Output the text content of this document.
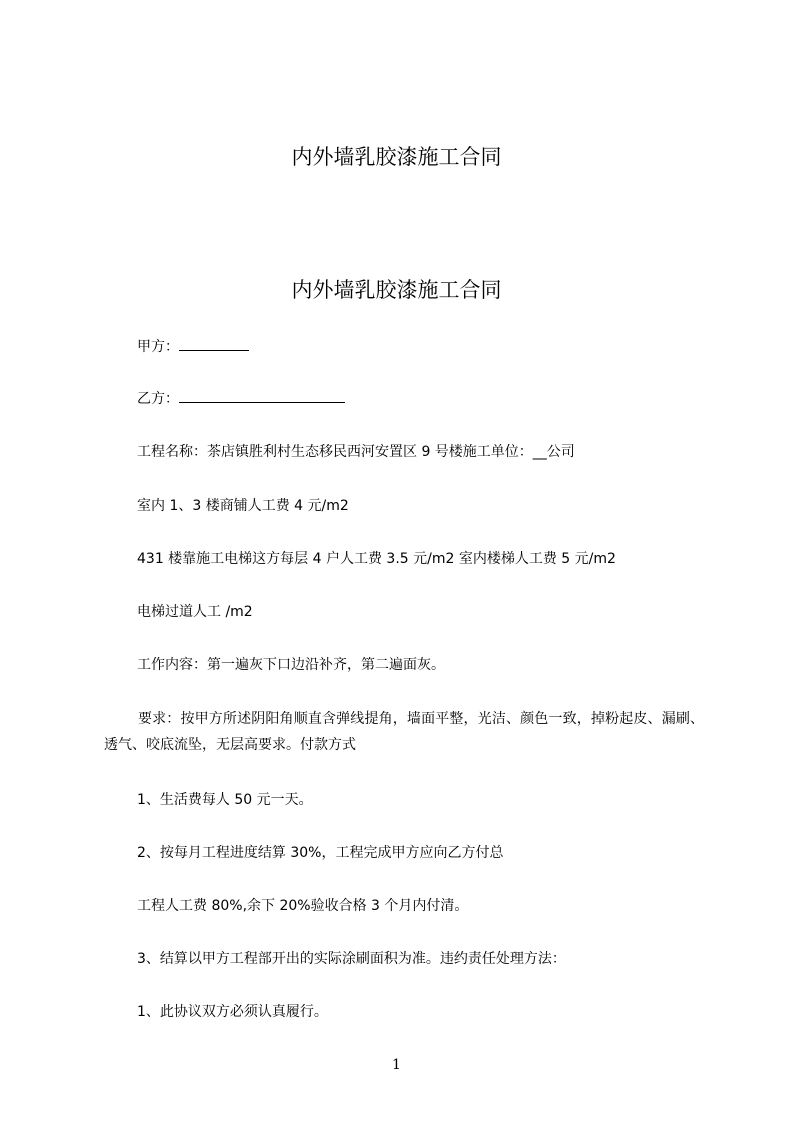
内外墙乳胶漆施工合同
内外墙乳胶漆施工合同
甲方：
乙方：
工程名称：茶店镇胜利村生态移民西河安置区 9 号楼施工单位：__公司
室内 1、3 楼商铺人工费 4 元/m2
431 楼靠施工电梯这方每层 4 户人工费 3.5 元/m2 室内楼梯人工费 5 元/m2
电梯过道人工 /m2
工作内容：第一遍灰下口边沿补齐，第二遍面灰。
要求：按甲方所述阴阳角顺直含弹线提角，墙面平整，光洁、颜色一致，掉粉起皮、漏刷、透气、咬底流坠，无层高要求。付款方式
1、生活费每人 50 元一天。
2、按每月工程进度结算 30%，工程完成甲方应向乙方付总
工程人工费 80%,余下 20%验收合格 3 个月内付清。
3、结算以甲方工程部开出的实际涂刷面积为准。违约责任处理方法：
1、此协议双方必须认真履行。
1
